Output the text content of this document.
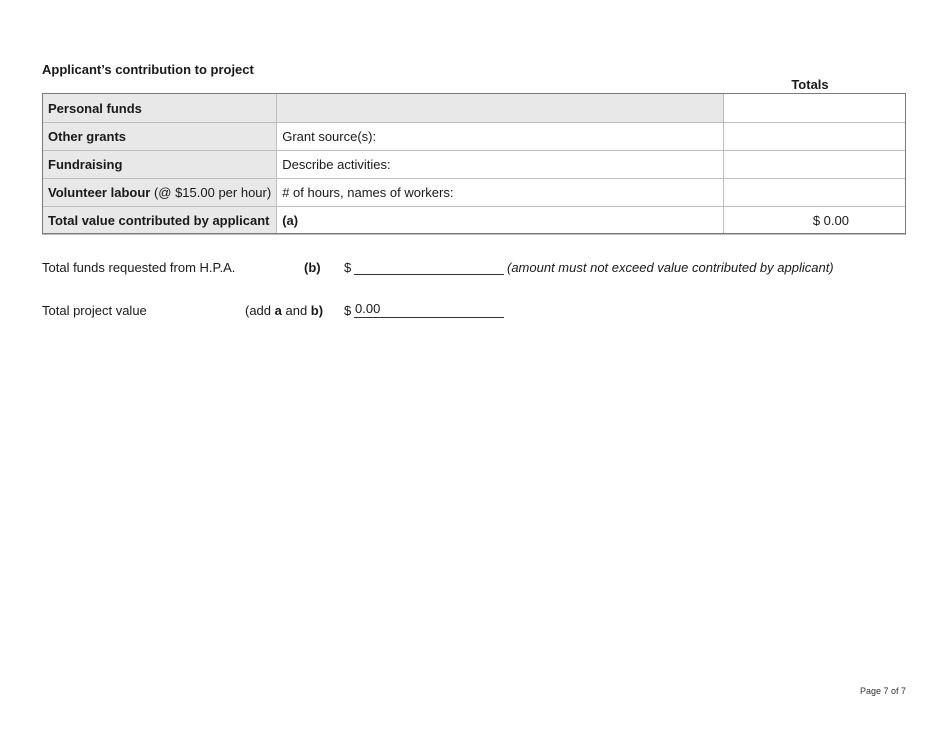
Applicant’s contribution to project
Totals
Personal funds		
Other grants	Grant source(s):	
Fundraising	Describe activities:	
Volunteer labour (@ $15.00 per hour)	# of hours, names of workers:	
Total value contributed by applicant	(a)	$ 0.00
Total funds requested from H.P.A.	(b) $	(amount must not exceed value contributed by applicant)
Total project value	(add a and b) $ 0.00
Page 7 of 7
